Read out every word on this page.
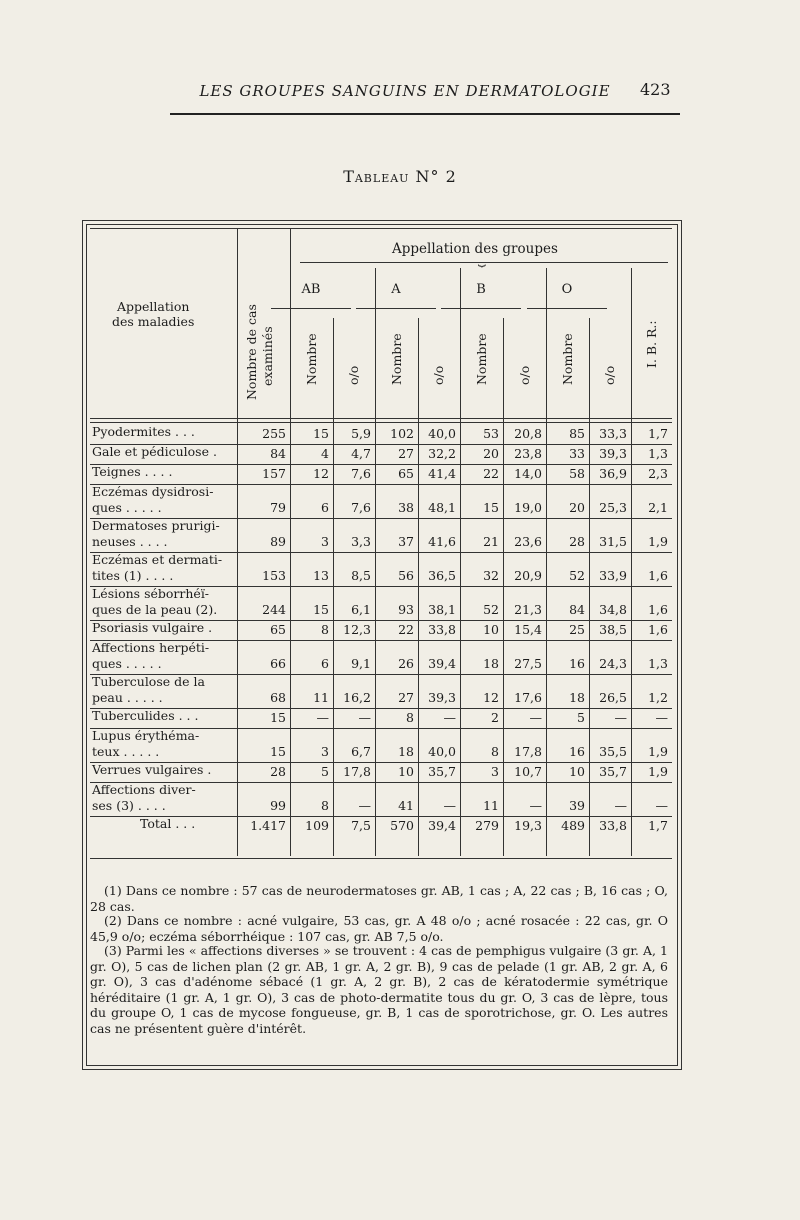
LES GROUPES SANGUINS EN DERMATOLOGIE	423
Tableau N° 2
Appellation
des maladies	Nombre de cas examinés
Appellation des groupes
⏟
AB	A	B	O
Nombre o/o Nombre o/o Nombre o/o Nombre o/o
I. B. R.:
Pyodermites . . .	255	15	5,9	102	40,0	53	20,8	85	33,3	1,7
Gale et pédiculose .	84	4	4,7	27	32,2	20	23,8	33	39,3	1,3
Teignes . . . .	157	12	7,6	65	41,4	22	14,0	58	36,9	2,3
Eczémas dysidrosi-
ques . . . . .	79	6	7,6	38	48,1	15	19,0	20	25,3	2,1
Dermatoses prurigi-
neuses . . . .	89	3	3,3	37	41,6	21	23,6	28	31,5	1,9
Eczémas et dermati-
tites (1) . . . .	153	13	8,5	56	36,5	32	20,9	52	33,9	1,6
Lésions séborrhéï-
ques de la peau (2).	244	15	6,1	93	38,1	52	21,3	84	34,8	1,6
Psoriasis vulgaire .	65	8	12,3	22	33,8	10	15,4	25	38,5	1,6
Affections herpéti-
ques . . . . .	66	6	9,1	26	39,4	18	27,5	16	24,3	1,3
Tuberculose de la
peau . . . . .	68	11	16,2	27	39,3	12	17,6	18	26,5	1,2
Tuberculides . . .	15	—	—	8	—	2	—	5	—	—
Lupus érythéma-
teux . . . . .	15	3	6,7	18	40,0	8	17,8	16	35,5	1,9
Verrues vulgaires .	28	5	17,8	10	35,7	3	10,7	10	35,7	1,9
Affections diver-
ses (3) . . . .	99	8	—	41	—	11	—	39	—	—
Total . . .	1.417	109	7,5	570	39,4	279	19,3	489	33,8	1,7
(1) Dans ce nombre : 57 cas de neurodermatoses gr. AB, 1 cas ; A, 22 cas ; B, 16 cas ; O, 28 cas.
(2) Dans ce nombre : acné vulgaire, 53 cas, gr. A 48 o/o ; acné rosacée : 22 cas, gr. O 45,9 o/o; eczéma séborrhéique : 107 cas, gr. AB 7,5 o/o.
(3) Parmi les « affections diverses » se trouvent : 4 cas de pemphigus vulgaire (3 gr. A, 1 gr. O), 5 cas de lichen plan (2 gr. AB, 1 gr. A, 2 gr. B), 9 cas de pelade (1 gr. AB, 2 gr. A, 6 gr. O), 3 cas d'adénome sébacé (1 gr. A, 2 gr. B), 2 cas de kératodermie symétrique héréditaire (1 gr. A, 1 gr. O), 3 cas de photo-dermatite tous du gr. O, 3 cas de lèpre, tous du groupe O, 1 cas de mycose fongueuse, gr. B, 1 cas de sporotrichose, gr. O. Les autres cas ne présentent guère d'intérêt.
